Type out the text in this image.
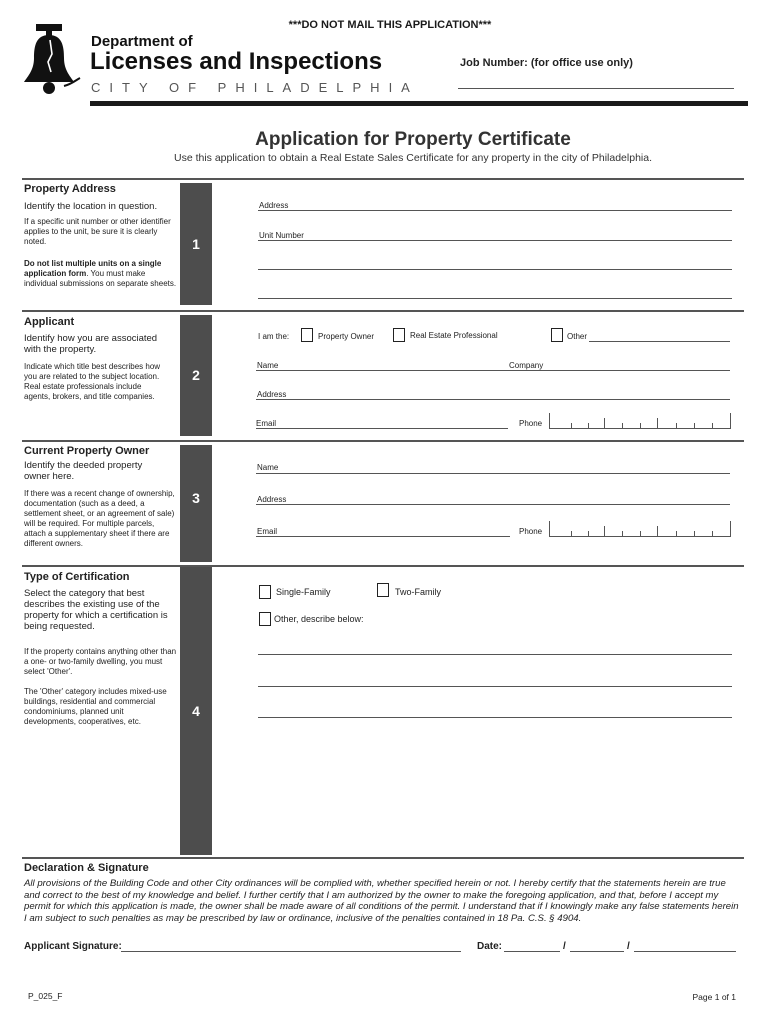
***DO NOT MAIL THIS APPLICATION***
Department of
Licenses and Inspections
CITY OF PHILADELPHIA
Job Number: (for office use only)
Application for Property Certificate
Use this application to obtain a Real Estate Sales Certificate for any property in the city of Philadelphia.
Property Address
Identify the location in question.
If a specific unit number or other identifier applies to the unit, be sure it is clearly noted.
Do not list multiple units on a single application form. You must make individual submissions on separate sheets.
1
Address
Unit Number
Applicant
Identify how you are associated with the property.
Indicate which title best describes how you are related to the subject location. Real estate professionals include agents, brokers, and title companies.
2
I am the:	Property Owner	Real Estate Professional	Other
Name	Company
Address
Email	Phone
Current Property Owner
Identify the deeded property owner here.
If there was a recent change of ownership, documentation (such as a deed, a settlement sheet, or an agreement of sale) will be required. For multiple parcels, attach a supplementary sheet if there are different owners.
3
Name
Address
Email	Phone
Type of Certification
Select the category that best describes the existing use of the property for which a certification is being requested.
If the property contains anything other than a one- or two-family dwelling, you must select 'Other'.
The 'Other' category includes mixed-use buildings, residential and commercial condominiums, planned unit developments, cooperatives, etc.
4
Single-Family	Two-Family
Other, describe below:
Declaration & Signature
All provisions of the Building Code and other City ordinances will be complied with, whether specified herein or not. I hereby certify that the statements herein are true and correct to the best of my knowledge and belief. I further certify that I am authorized by the owner to make the foregoing application, and that, before I accept my permit for which this application is made, the owner shall be made aware of all conditions of the permit. I understand that if I knowingly make any false statements herein I am subject to such penalties as may be prescribed by law or ordinance, inclusive of the penalties contained in 18 Pa. C.S. § 4904.
Applicant Signature:	Date:	/	/
P_025_F	Page 1 of 1
